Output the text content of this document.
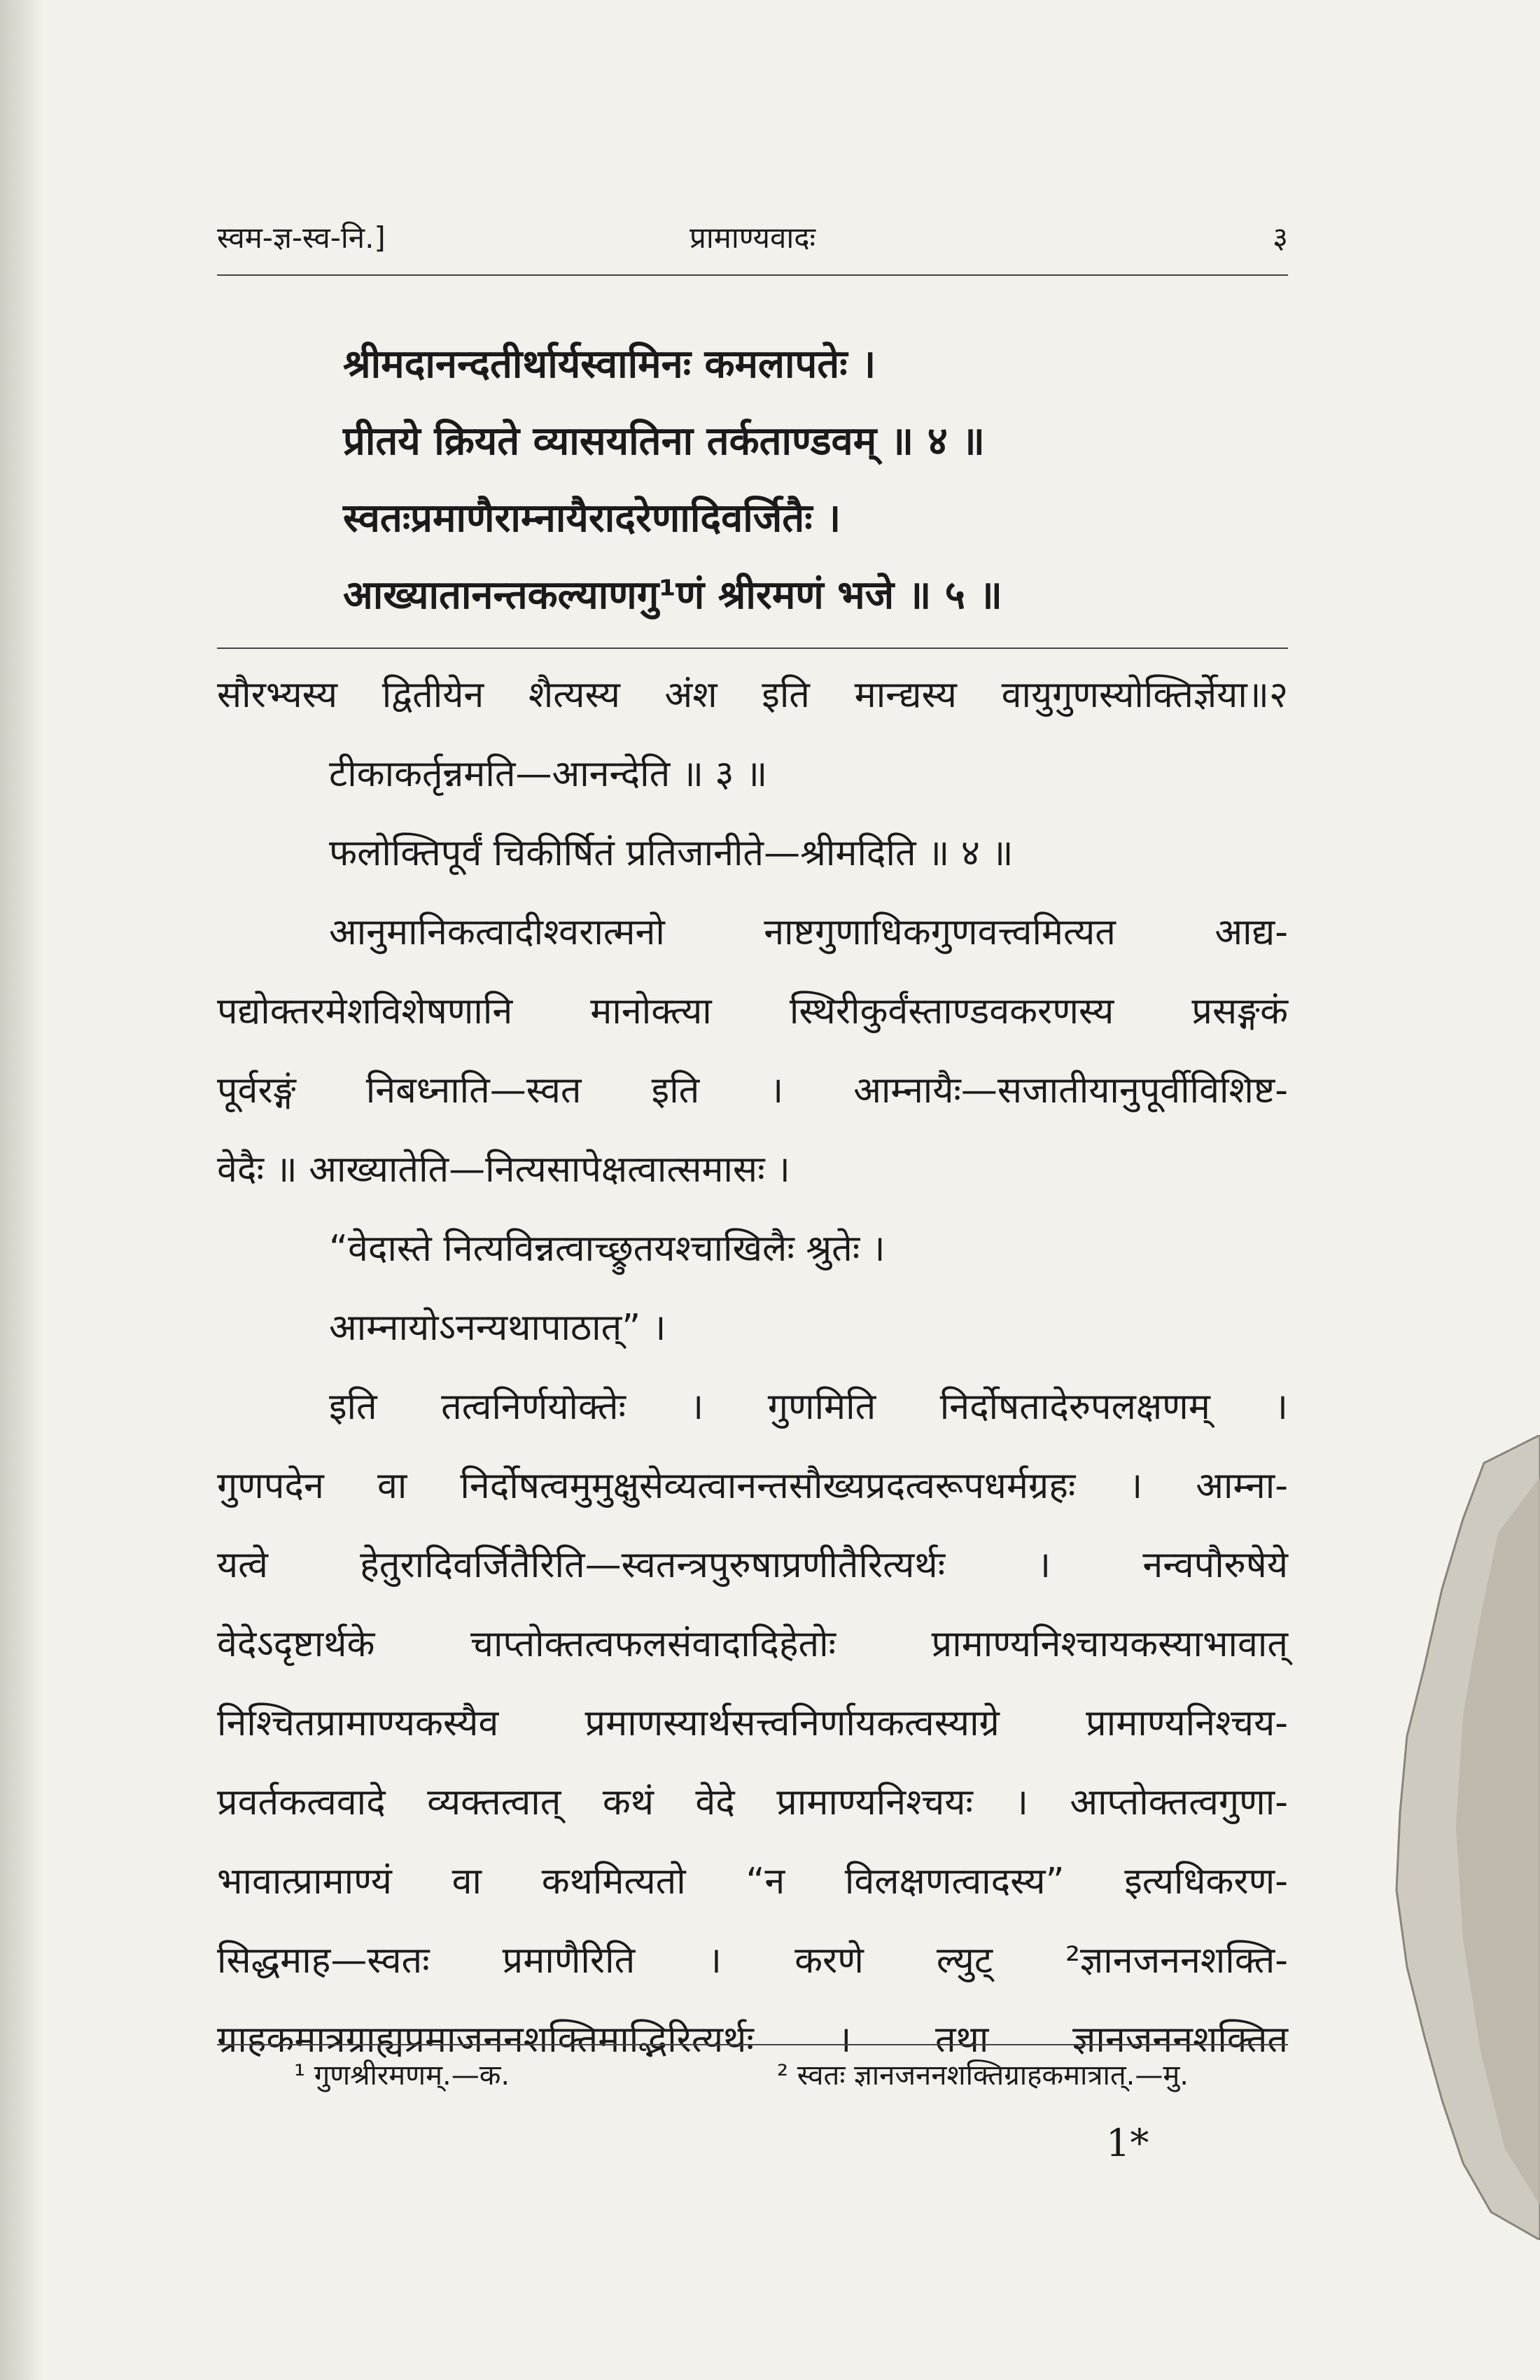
स्वम-ज्ञ-स्व-नि.]	प्रामाण्यवादः	३
श्रीमदानन्दतीर्थार्यस्वामिनः कमलापतेः ।
प्रीतये क्रियते व्यासयतिना तर्कताण्डवम् ॥ ४ ॥
स्वतःप्रमाणैराम्नायैरादरेणादिवर्जितैः ।
आख्यातानन्तकल्याणगु¹णं श्रीरमणं भजे ॥ ५ ॥
सौरभ्यस्य द्वितीयेन शैत्यस्य अंश इति मान्द्यस्य वायुगुणस्योक्तिर्ज्ञेया॥२
टीकाकर्तृन्नमति—आनन्देति ॥ ३ ॥
फलोक्तिपूर्वं चिकीर्षितं प्रतिजानीते—श्रीमदिति ॥ ४ ॥
आनुमानिकत्वादीश्वरात्मनो नाष्टगुणाधिकगुणवत्त्वमित्यत आद्य-
पद्योक्तरमेशविशेषणानि मानोक्त्या स्थिरीकुर्वंस्ताण्डवकरणस्य प्रसङ्गकं
पूर्वरङ्गं निबध्नाति—स्वत इति । आम्नायैः—सजातीयानुपूर्वीविशिष्ट-
वेदैः ॥ आख्यातेति—नित्यसापेक्षत्वात्समासः ।
“वेदास्ते नित्यविन्नत्वाच्छ्रुतयश्चाखिलैः श्रुतेः ।
आम्नायोऽनन्यथापाठात्” ।
इति तत्वनिर्णयोक्तेः । गुणमिति निर्दोषतादेरुपलक्षणम् ।
गुणपदेन वा निर्दोषत्वमुमुक्षुसेव्यत्वानन्तसौख्यप्रदत्वरूपधर्मग्रहः । आम्ना-
यत्वे हेतुरादिवर्जितैरिति—स्वतन्त्रपुरुषाप्रणीतैरित्यर्थः । नन्वपौरुषेये
वेदेऽदृष्टार्थके चाप्तोक्तत्वफलसंवादादिहेतोः प्रामाण्यनिश्चायकस्याभावात्
निश्चितप्रामाण्यकस्यैव प्रमाणस्यार्थसत्त्वनिर्णायकत्वस्याग्रे प्रामाण्यनिश्चय-
प्रवर्तकत्ववादे व्यक्तत्वात् कथं वेदे प्रामाण्यनिश्चयः । आप्तोक्तत्वगुणा-
भावात्प्रामाण्यं वा कथमित्यतो “न विलक्षणत्वादस्य” इत्यधिकरण-
सिद्धमाह—स्वतः प्रमाणैरिति । करणे ल्युट् ²ज्ञानजननशक्ति-
ग्राहकमात्रग्राह्यप्रमाजननशक्तिमाद्भिरित्यर्थः । तथा ज्ञानजननशक्तित
¹ गुणश्रीरमणम्.—क.	² स्वतः ज्ञानजननशक्तिग्राहकमात्रात्.—मु.
1*
